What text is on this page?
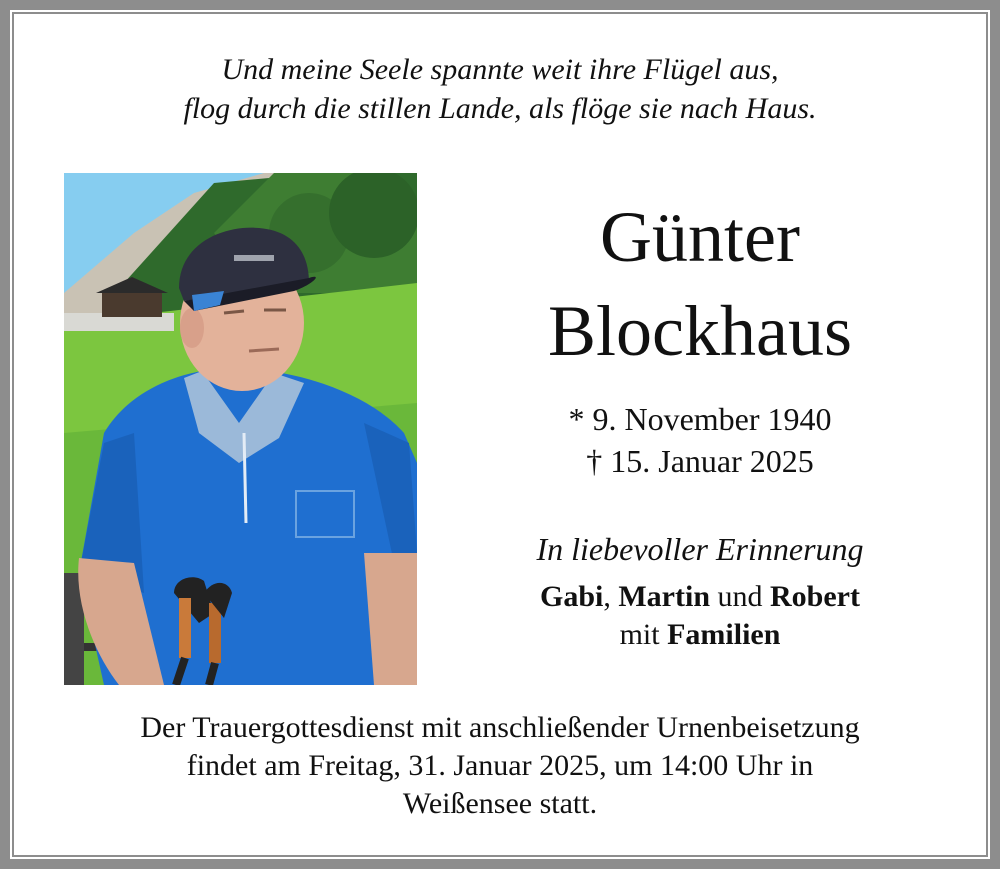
Und meine Seele spannte weit ihre Flügel aus,
flog durch die stillen Lande, als flöge sie nach Haus.
Günter
Blockhaus
* 9. November 1940
† 15. Januar 2025
In liebevoller Erinnerung
Gabi, Martin und Robert
mit Familien
Der Trauergottesdienst mit anschließender Urnenbeisetzung
findet am Freitag, 31. Januar 2025, um 14:00 Uhr in
Weißensee statt.
